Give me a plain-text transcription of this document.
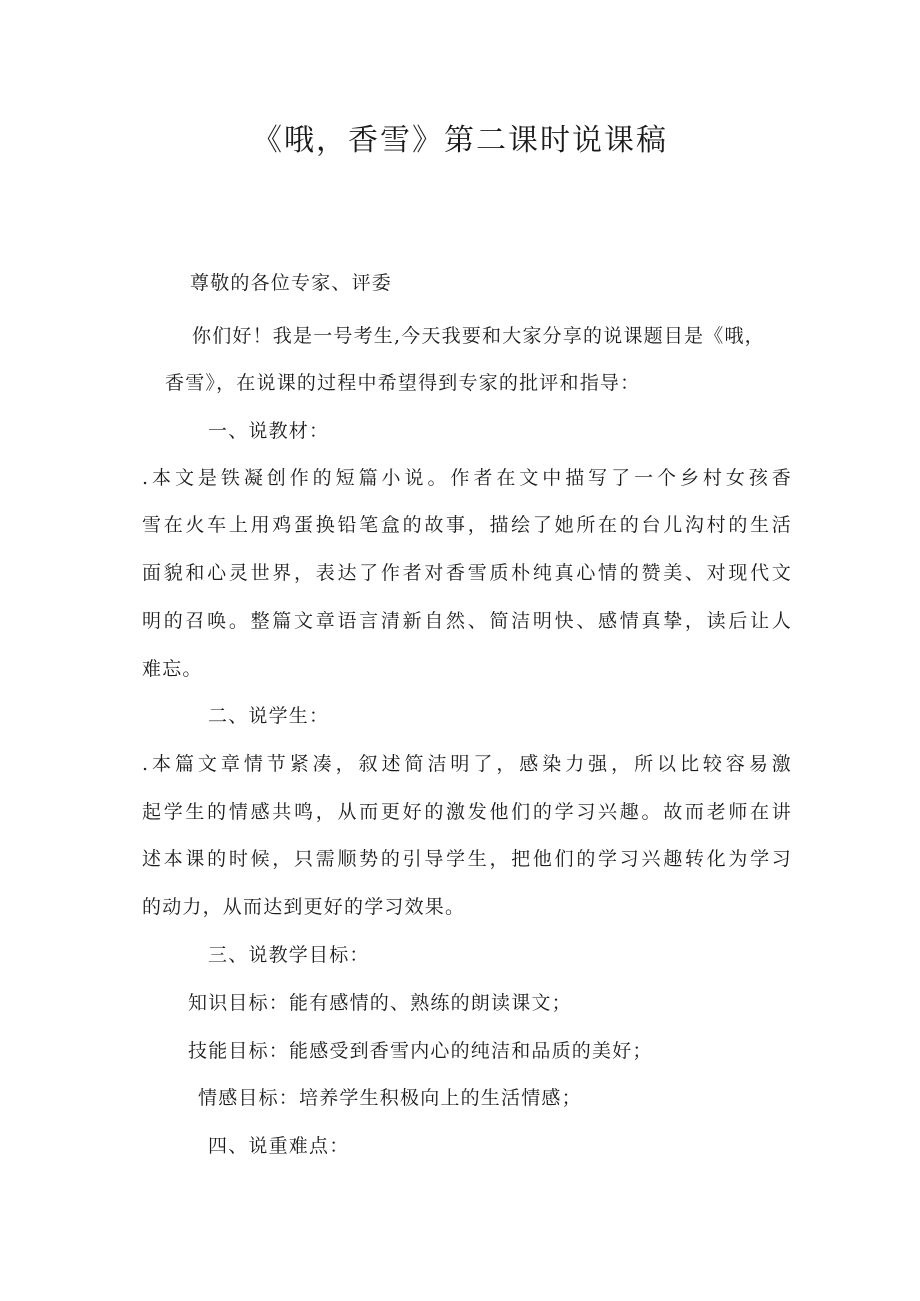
《哦，香雪》第二课时说课稿

尊敬的各位专家、评委

你们好！我是一号考生,今天我要和大家分享的说课题目是《哦，

香雪》，在说课的过程中希望得到专家的批评和指导：

一、说教材：

.本文是铁凝创作的短篇小说。作者在文中描写了一个乡村女孩香

雪在火车上用鸡蛋换铅笔盒的故事，描绘了她所在的台儿沟村的生活

面貌和心灵世界，表达了作者对香雪质朴纯真心情的赞美、对现代文

明的召唤。整篇文章语言清新自然、简洁明快、感情真挚，读后让人

难忘。

二、说学生：

.本篇文章情节紧凑，叙述简洁明了，感染力强，所以比较容易激

起学生的情感共鸣，从而更好的激发他们的学习兴趣。故而老师在讲

述本课的时候，只需顺势的引导学生，把他们的学习兴趣转化为学习

的动力，从而达到更好的学习效果。

三、说教学目标：

知识目标：能有感情的、熟练的朗读课文；

技能目标：能感受到香雪内心的纯洁和品质的美好；

情感目标：培养学生积极向上的生活情感；

四、说重难点：
